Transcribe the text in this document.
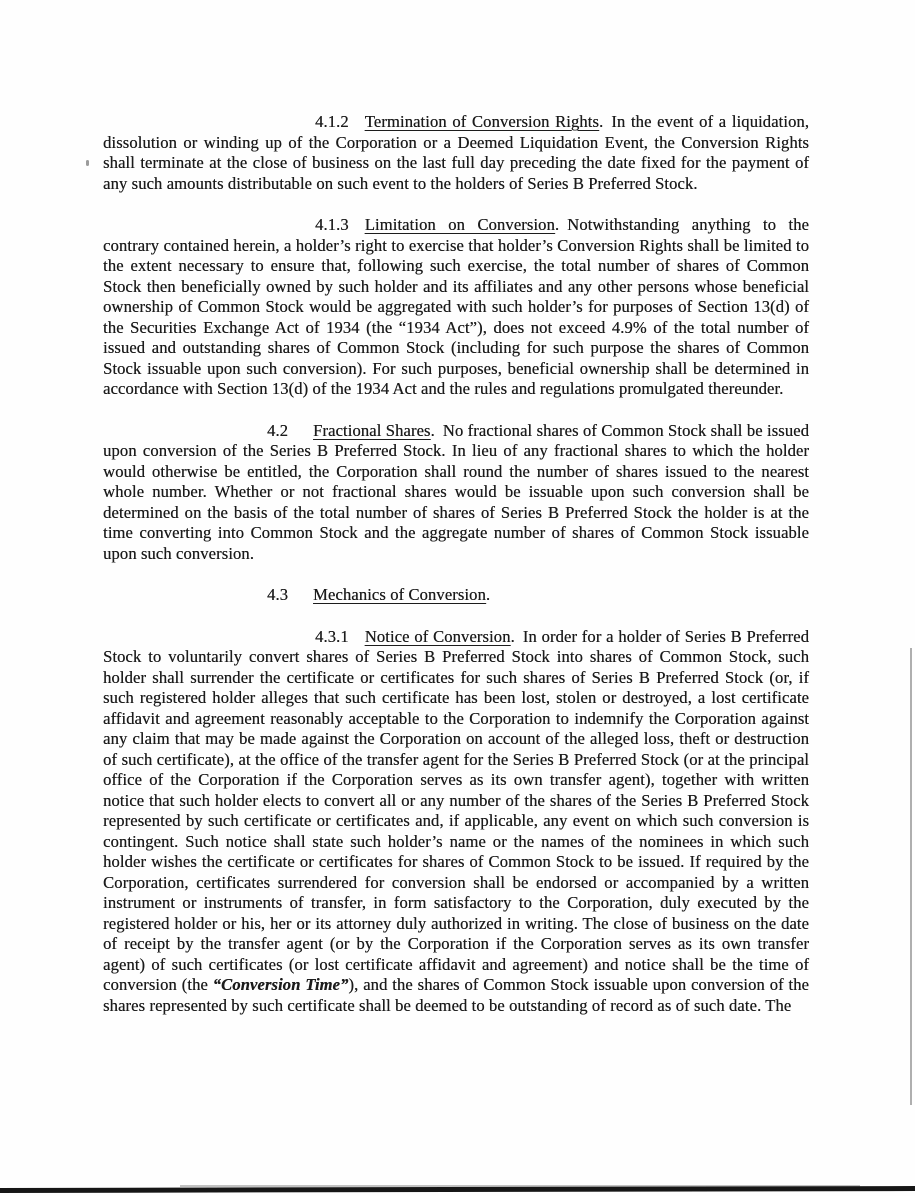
4.1.2 Termination of Conversion Rights. In the event of a liquidation, dissolution or winding up of the Corporation or a Deemed Liquidation Event, the Conversion Rights shall terminate at the close of business on the last full day preceding the date fixed for the payment of any such amounts distributable on such event to the holders of Series B Preferred Stock.

4.1.3 Limitation on Conversion. Notwithstanding anything to the contrary contained herein, a holder’s right to exercise that holder’s Conversion Rights shall be limited to the extent necessary to ensure that, following such exercise, the total number of shares of Common Stock then beneficially owned by such holder and its affiliates and any other persons whose beneficial ownership of Common Stock would be aggregated with such holder’s for purposes of Section 13(d) of the Securities Exchange Act of 1934 (the “1934 Act”), does not exceed 4.9% of the total number of issued and outstanding shares of Common Stock (including for such purpose the shares of Common Stock issuable upon such conversion). For such purposes, beneficial ownership shall be determined in accordance with Section 13(d) of the 1934 Act and the rules and regulations promulgated thereunder.

4.2 Fractional Shares. No fractional shares of Common Stock shall be issued upon conversion of the Series B Preferred Stock. In lieu of any fractional shares to which the holder would otherwise be entitled, the Corporation shall round the number of shares issued to the nearest whole number. Whether or not fractional shares would be issuable upon such conversion shall be determined on the basis of the total number of shares of Series B Preferred Stock the holder is at the time converting into Common Stock and the aggregate number of shares of Common Stock issuable upon such conversion.

4.3 Mechanics of Conversion.

4.3.1 Notice of Conversion. In order for a holder of Series B Preferred Stock to voluntarily convert shares of Series B Preferred Stock into shares of Common Stock, such holder shall surrender the certificate or certificates for such shares of Series B Preferred Stock (or, if such registered holder alleges that such certificate has been lost, stolen or destroyed, a lost certificate affidavit and agreement reasonably acceptable to the Corporation to indemnify the Corporation against any claim that may be made against the Corporation on account of the alleged loss, theft or destruction of such certificate), at the office of the transfer agent for the Series B Preferred Stock (or at the principal office of the Corporation if the Corporation serves as its own transfer agent), together with written notice that such holder elects to convert all or any number of the shares of the Series B Preferred Stock represented by such certificate or certificates and, if applicable, any event on which such conversion is contingent. Such notice shall state such holder’s name or the names of the nominees in which such holder wishes the certificate or certificates for shares of Common Stock to be issued. If required by the Corporation, certificates surrendered for conversion shall be endorsed or accompanied by a written instrument or instruments of transfer, in form satisfactory to the Corporation, duly executed by the registered holder or his, her or its attorney duly authorized in writing. The close of business on the date of receipt by the transfer agent (or by the Corporation if the Corporation serves as its own transfer agent) of such certificates (or lost certificate affidavit and agreement) and notice shall be the time of conversion (the “Conversion Time”), and the shares of Common Stock issuable upon conversion of the shares represented by such certificate shall be deemed to be outstanding of record as of such date. The
